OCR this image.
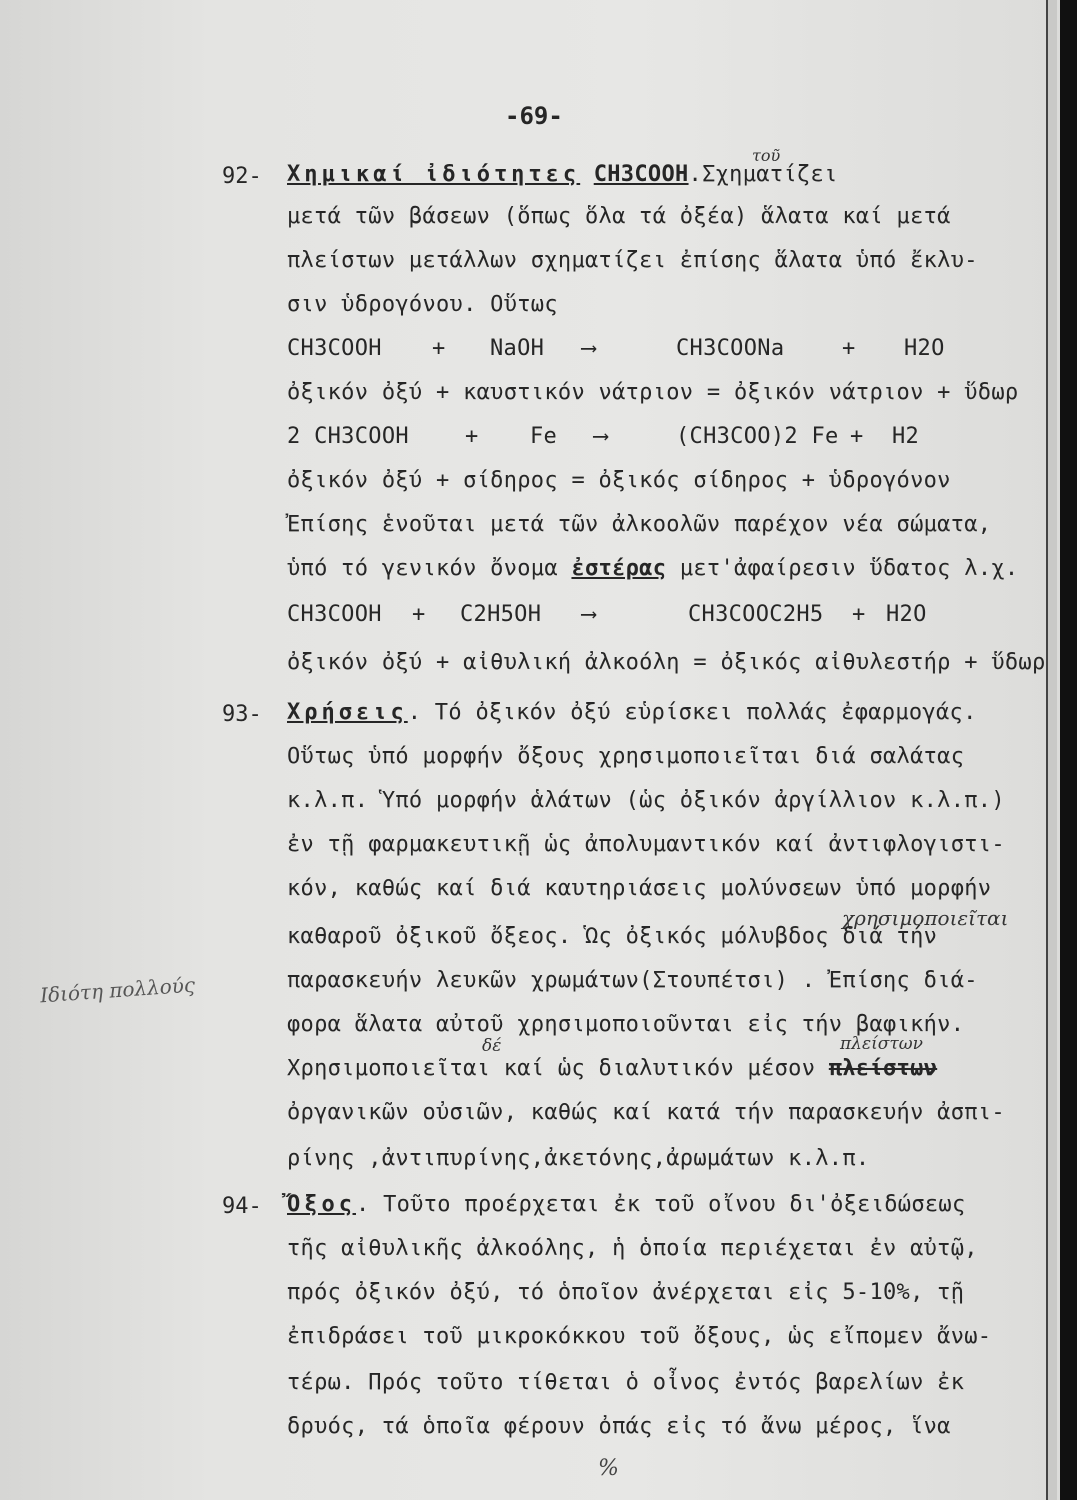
-69-
92- Χημικαί ἰδιότητες CH3COOH.Σχηματίζει
τοῦ
μετά τῶν βάσεων (ὅπως ὅλα τά ὀξέα) ἅλατα καί μετά
πλείστων μετάλλων σχηματίζει ἐπίσης ἅλατα ὑπό ἔκλυ-
σιν ὑδρογόνου. Οὕτως
CH3COOH + NaOH ⟶	CH3COONa	+ H2O
ὀξικόν ὀξύ + καυστικόν νάτριον = ὀξικόν νάτριον + ὕδωρ
2 CH3COOH	+ Fe ⟶	(CH3COO)2 Fe + H2
ὀξικόν ὀξύ + σίδηρος = ὀξικός σίδηρος + ὑδρογόνον
Ἐπίσης ἑνοῦται μετά τῶν ἀλκοολῶν παρέχον νέα σώματα,
ὑπό τό γενικόν ὄνομα ἐστέρας μετ'ἀφαίρεσιν ὕδατος λ.χ.
CH3COOH + C2H5OH ⟶	CH3COOC2H5 + H2O
ὀξικόν ὀξύ + αἰθυλική ἀλκοόλη = ὀξικός αἰθυλεστήρ + ὕδωρ
93- Χρήσεις. Τό ὀξικόν ὀξύ εὑρίσκει πολλάς ἐφαρμογάς.
Οὕτως ὑπό μορφήν ὄξους χρησιμοποιεῖται διά σαλάτας
κ.λ.π. Ὑπό μορφήν ἁλάτων (ὡς ὀξικόν ἀργίλλιον κ.λ.π.)
ἐν τῇ φαρμακευτικῇ ὡς ἀπολυμαντικόν καί ἀντιφλογιστι-
κόν, καθώς καί διά καυτηριάσεις μολύνσεων ὑπό μορφήν
χρησιμοποιεῖται
καθαροῦ ὀξικοῦ ὄξεος. Ὡς ὀξικός μόλυβδος διά τήν
παρασκευήν λευκῶν χρωμάτων(Στουπέτσι) . Ἐπίσης διά-
φορα ἅλατα αὐτοῦ χρησιμοποιοῦνται εἰς τήν βαφικήν.
δέ	πλείστων
Χρησιμοποιεῖται καί ὡς διαλυτικόν μέσον πλείστων
ὀργανικῶν οὐσιῶν, καθώς καί κατά τήν παρασκευήν ἀσπι-
ρίνης ,ἀντιπυρίνης,ἀκετόνης,ἀρωμάτων κ.λ.π.
94- Ὄξος. Τοῦτο προέρχεται ἐκ τοῦ οἴνου δι'ὀξειδώσεως
τῆς αἰθυλικῆς ἀλκοόλης, ἡ ὁποία περιέχεται ἐν αὐτῷ,
πρός ὀξικόν ὀξύ, τό ὁποῖον ἀνέρχεται εἰς 5-10%, τῇ
ἐπιδράσει τοῦ μικροκόκκου τοῦ ὄξους, ὡς εἴπομεν ἄνω-
τέρω. Πρός τοῦτο τίθεται ὁ οἶνος ἐντός βαρελίων ἐκ
δρυός, τά ὁποῖα φέρουν ὀπάς εἰς τό ἄνω μέρος, ἵνα
Ιδιότη πολλούς
%
